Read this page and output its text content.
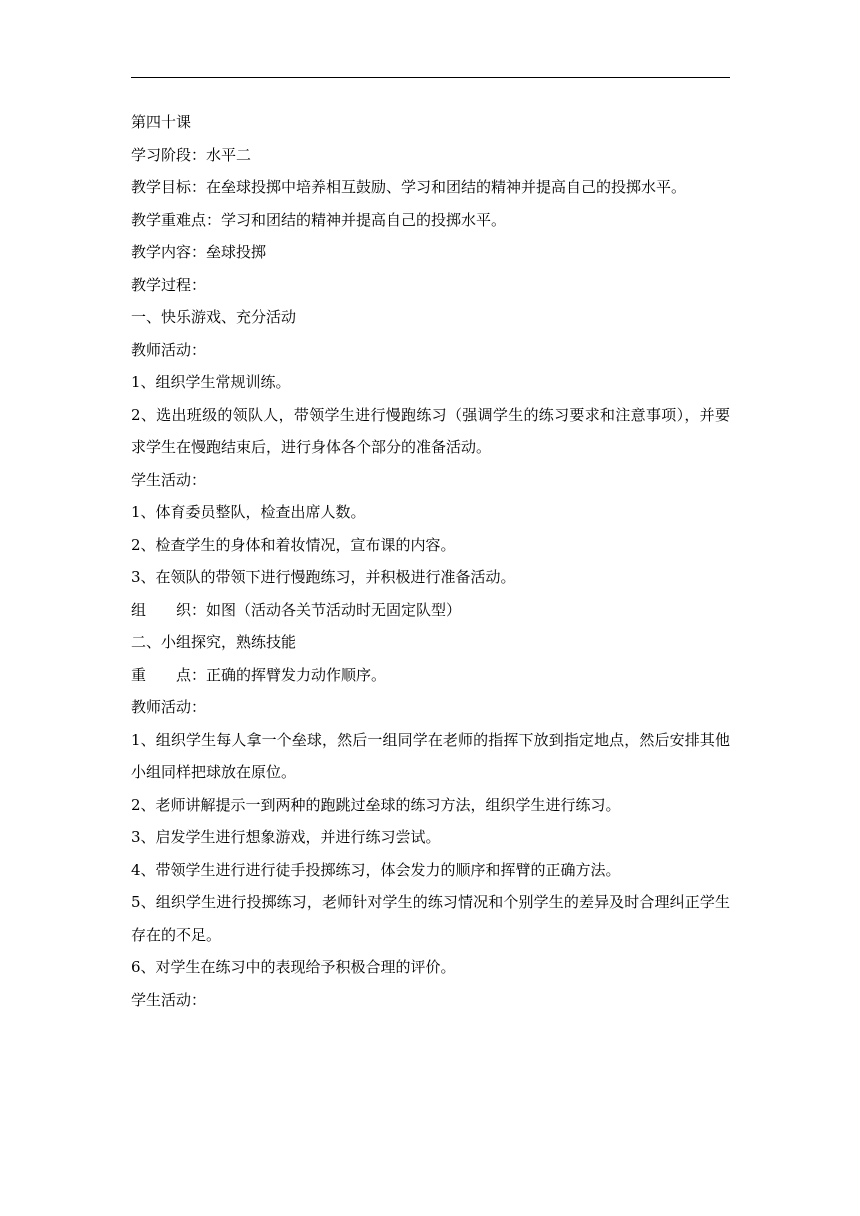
第四十课

学习阶段：水平二

教学目标：在垒球投掷中培养相互鼓励、学习和团结的精神并提高自己的投掷水平。

教学重难点：学习和团结的精神并提高自己的投掷水平。

教学内容：垒球投掷

教学过程：

一、快乐游戏、充分活动

教师活动：

1、组织学生常规训练。

2、选出班级的领队人，带领学生进行慢跑练习（强调学生的练习要求和注意事项），并要求学生在慢跑结束后，进行身体各个部分的准备活动。

学生活动：

1、体育委员整队，检查出席人数。

2、检查学生的身体和着妆情况，宣布课的内容。

3、在领队的带领下进行慢跑练习，并积极进行准备活动。

组 织：如图（活动各关节活动时无固定队型）

二、小组探究，熟练技能

重 点：正确的挥臂发力动作顺序。

教师活动：

1、组织学生每人拿一个垒球，然后一组同学在老师的指挥下放到指定地点，然后安排其他小组同样把球放在原位。

2、老师讲解提示一到两种的跑跳过垒球的练习方法，组织学生进行练习。

3、启发学生进行想象游戏，并进行练习尝试。

4、带领学生进行进行徒手投掷练习，体会发力的顺序和挥臂的正确方法。

5、组织学生进行投掷练习，老师针对学生的练习情况和个别学生的差异及时合理纠正学生存在的不足。

6、对学生在练习中的表现给予积极合理的评价。

学生活动：
